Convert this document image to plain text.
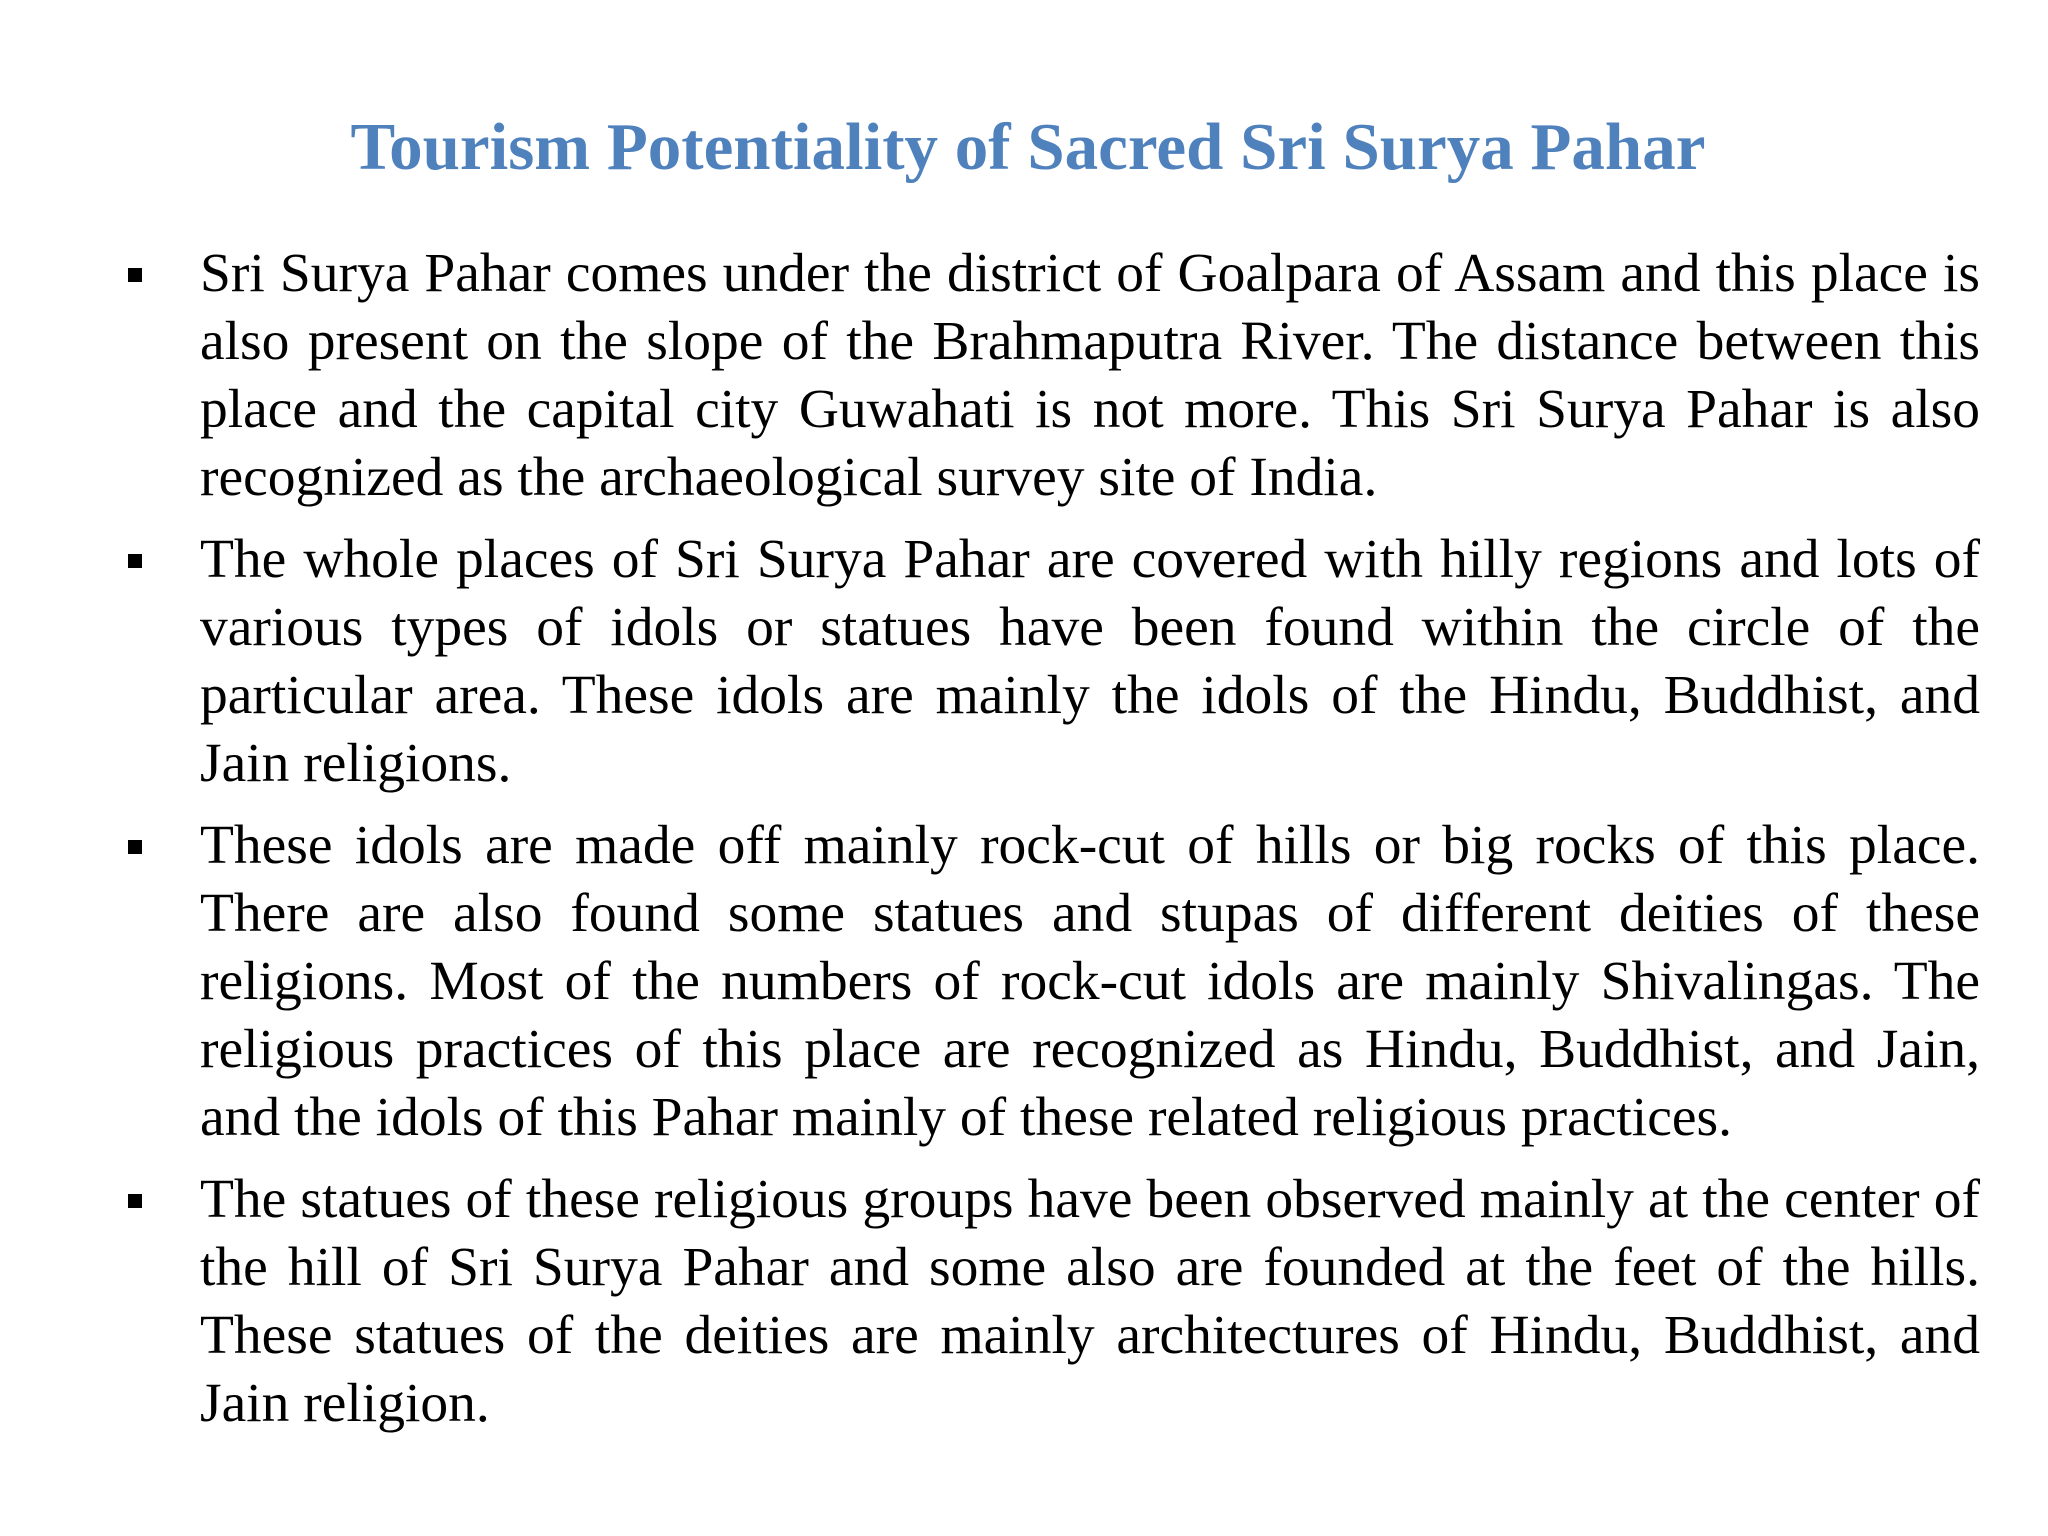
Tourism Potentiality of Sacred Sri Surya Pahar
Sri Surya Pahar comes under the district of Goalpara of Assam and this place is also present on the slope of the Brahmaputra River. The distance between this place and the capital city Guwahati is not more. This Sri Surya Pahar is also recognized as the archaeological survey site of India.
The whole places of Sri Surya Pahar are covered with hilly regions and lots of various types of idols or statues have been found within the circle of the particular area. These idols are mainly the idols of the Hindu, Buddhist, and Jain religions.
These idols are made off mainly rock-cut of hills or big rocks of this place. There are also found some statues and stupas of different deities of these religions. Most of the numbers of rock-cut idols are mainly Shivalingas. The religious practices of this place are recognized as Hindu, Buddhist, and Jain, and the idols of this Pahar mainly of these related religious practices.
The statues of these religious groups have been observed mainly at the center of the hill of Sri Surya Pahar and some also are founded at the feet of the hills. These statues of the deities are mainly architectures of Hindu, Buddhist, and Jain religion.
